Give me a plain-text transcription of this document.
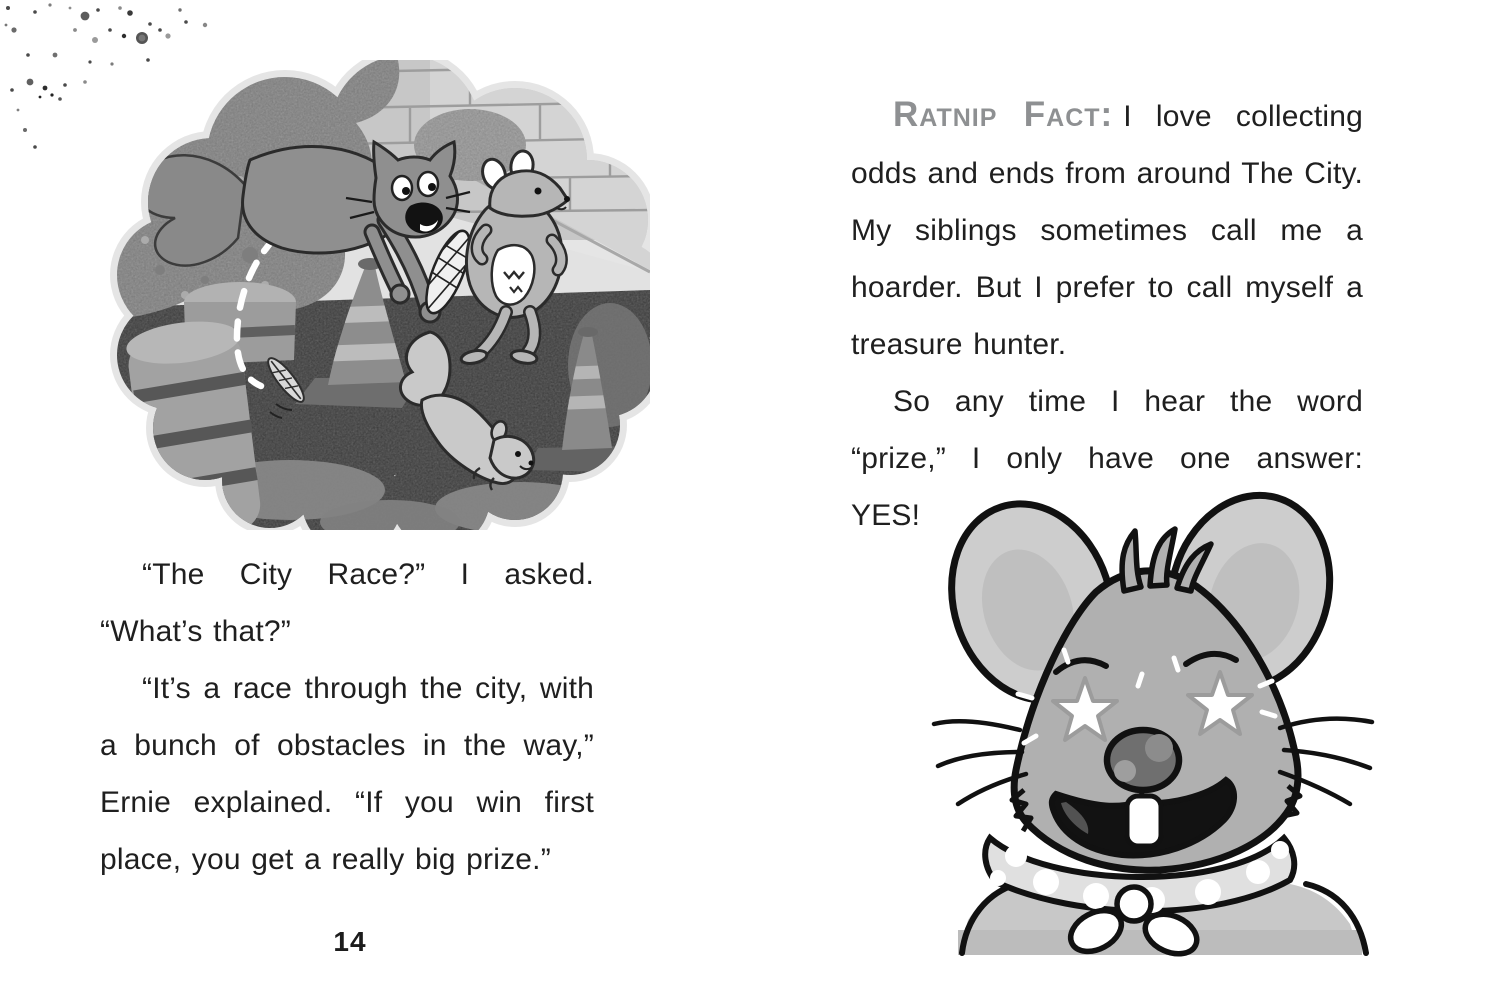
“The City Race?” I asked. “What’s that?”

“It’s a race through the city, with a bunch of obstacles in the way,” Ernie explained. “If you win first place, you get a really big prize.”

14

Ratnip Fact: I love collecting odds and ends from around The City. My siblings sometimes call me a hoarder. But I prefer to call myself a treasure hunter.

So any time I hear the word “prize,” I only have one answer: YES!
